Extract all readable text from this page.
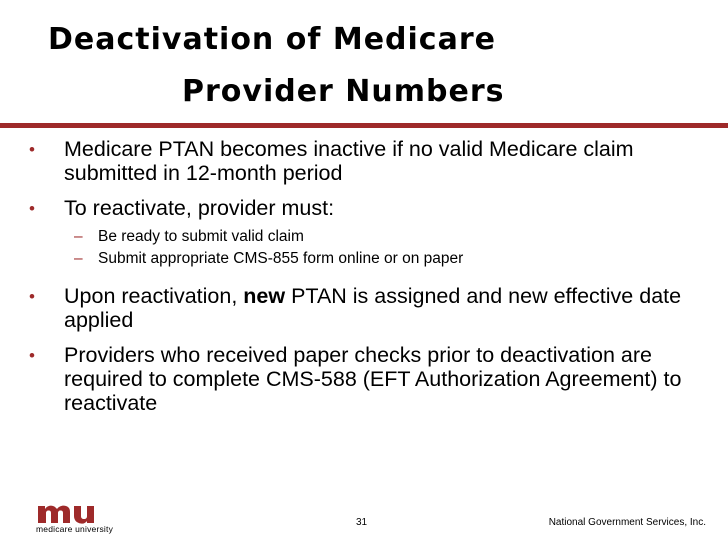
Deactivation of Medicare
Provider Numbers
• Medicare PTAN becomes inactive if no valid Medicare claim submitted in 12-month period
• To reactivate, provider must:
– Be ready to submit valid claim
– Submit appropriate CMS-855 form online or on paper
• Upon reactivation, new PTAN is assigned and new effective date applied
• Providers who received paper checks prior to deactivation are required to complete CMS-588 (EFT Authorization Agreement) to reactivate
medicare university
31	National Government Services, Inc.
